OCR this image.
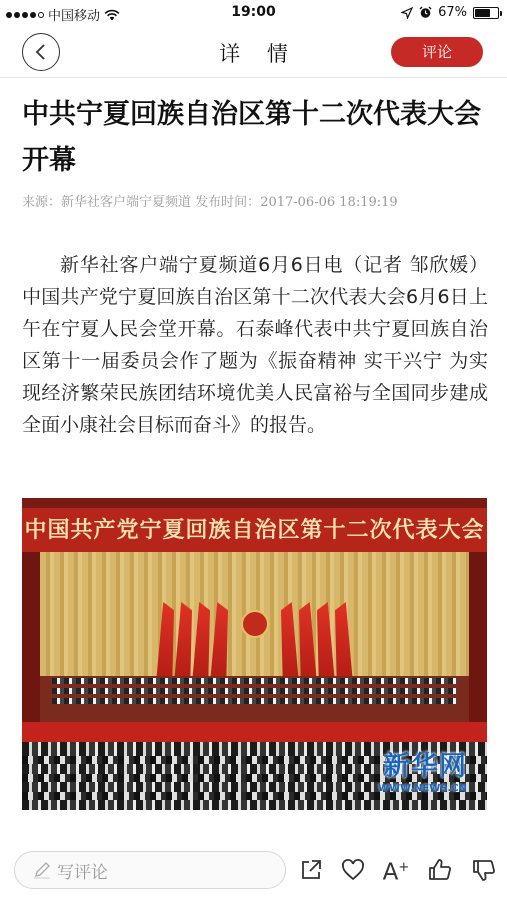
中国移动	19:00	67%
详 情	评论
中共宁夏回族自治区第十二次代表大会开幕
来源：新华社客户端宁夏频道 发布时间：2017-06-06 18:19:19

新华社客户端宁夏频道6月6日电（记者 邹欣媛）中国共产党宁夏回族自治区第十二次代表大会6月6日上午在宁夏人民会堂开幕。石泰峰代表中共宁夏回族自治区第十一届委员会作了题为《振奋精神 实干兴宁 为实现经济繁荣民族团结环境优美人民富裕与全国同步建成全面小康社会目标而奋斗》的报告。

中国共产党宁夏回族自治区第十二次代表大会
新华网
WWW.NEWS.CN
写评论	A+
